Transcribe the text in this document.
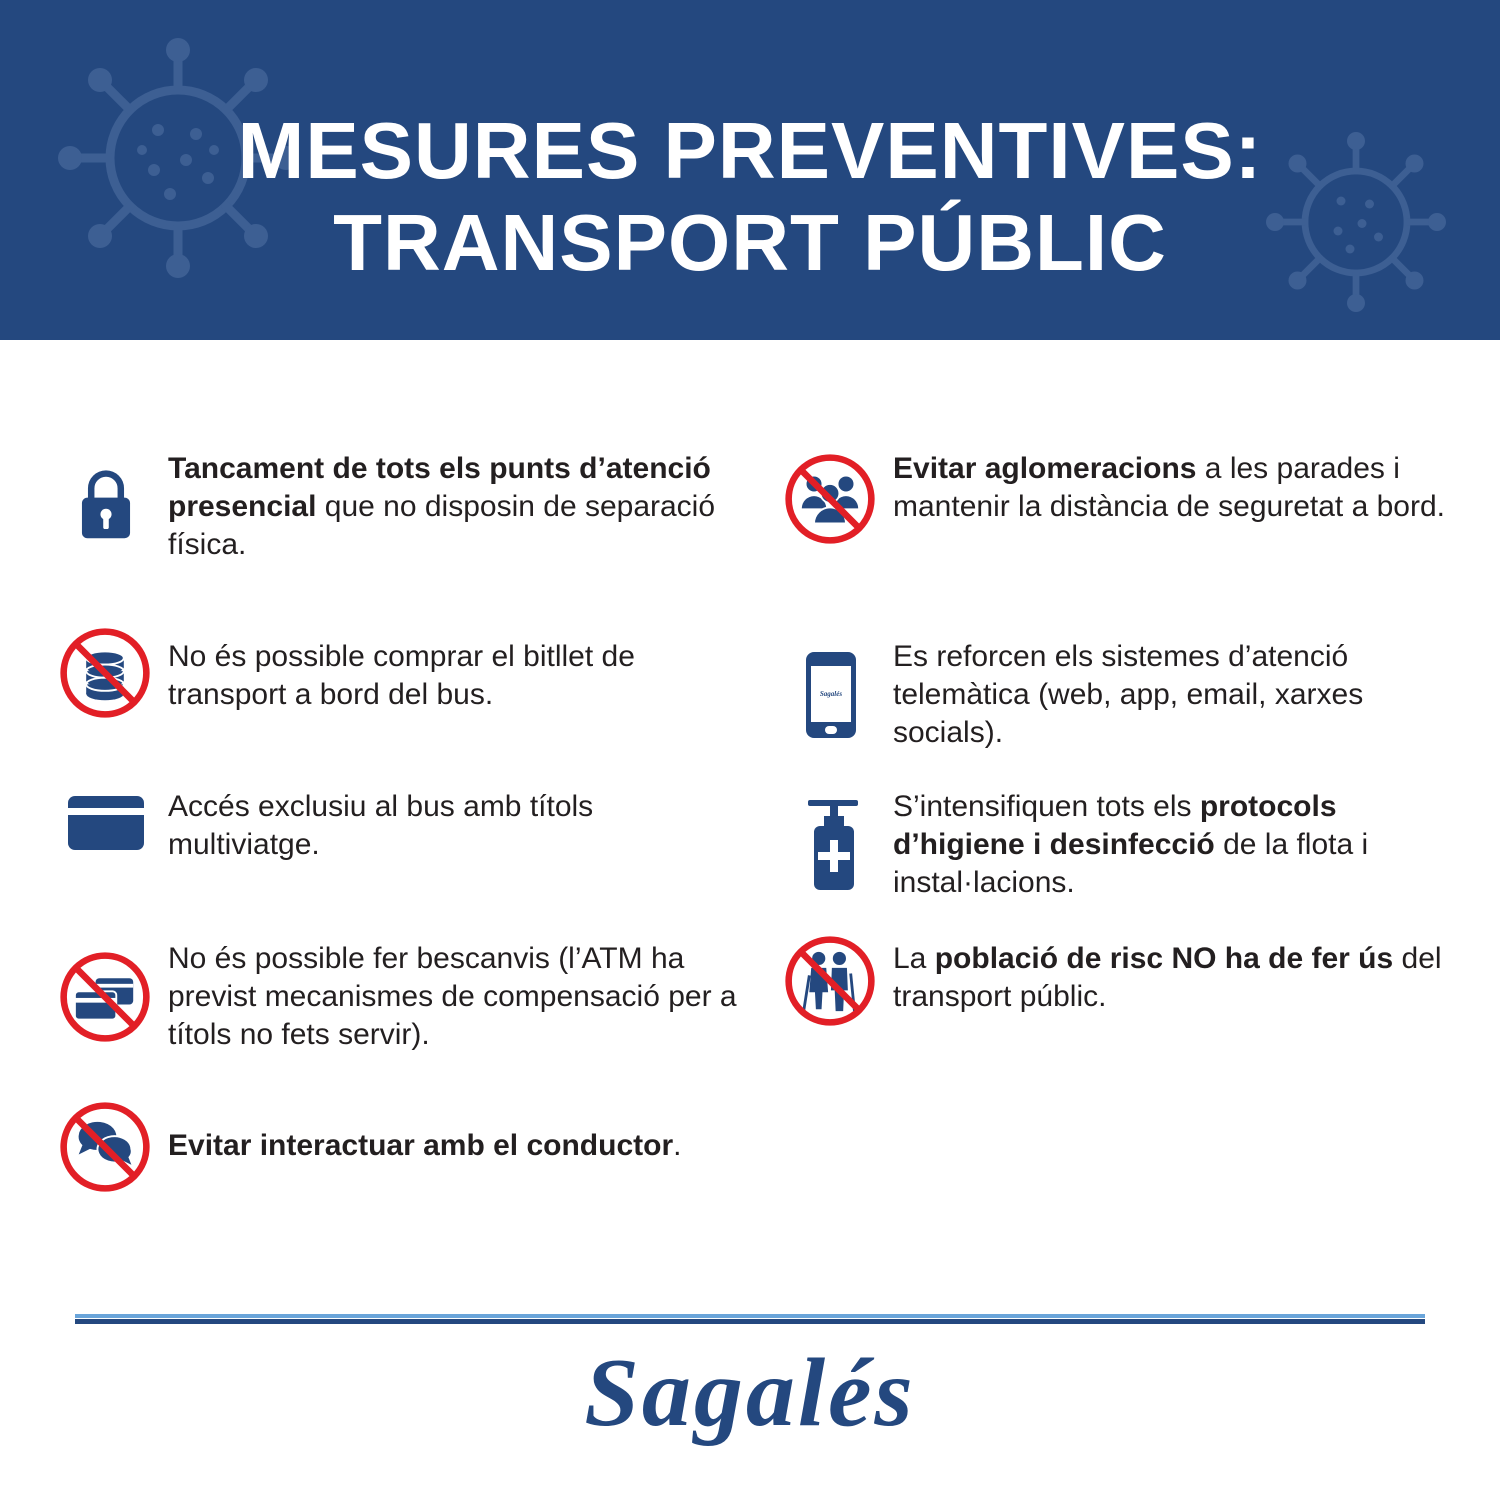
MESURES PREVENTIVES:
TRANSPORT PÚBLIC
Tancament de tots els punts d’atenció presencial que no disposin de separació física.
No és possible comprar el bitllet de transport a bord del bus.
Accés exclusiu al bus amb títols multiviatge.
No és possible fer bescanvis (l’ATM ha previst mecanismes de compensació per a títols no fets servir).
Evitar interactuar amb el conductor.
Evitar aglomeracions a les parades i mantenir la distància de seguretat a bord.
Sagalés
Es reforcen els sistemes d’atenció telemàtica (web, app, email, xarxes socials).
S’intensifiquen tots els protocols d’higiene i desinfecció de la flota i instal·lacions.
La població de risc NO ha de fer ús del transport públic.
Sagalés
